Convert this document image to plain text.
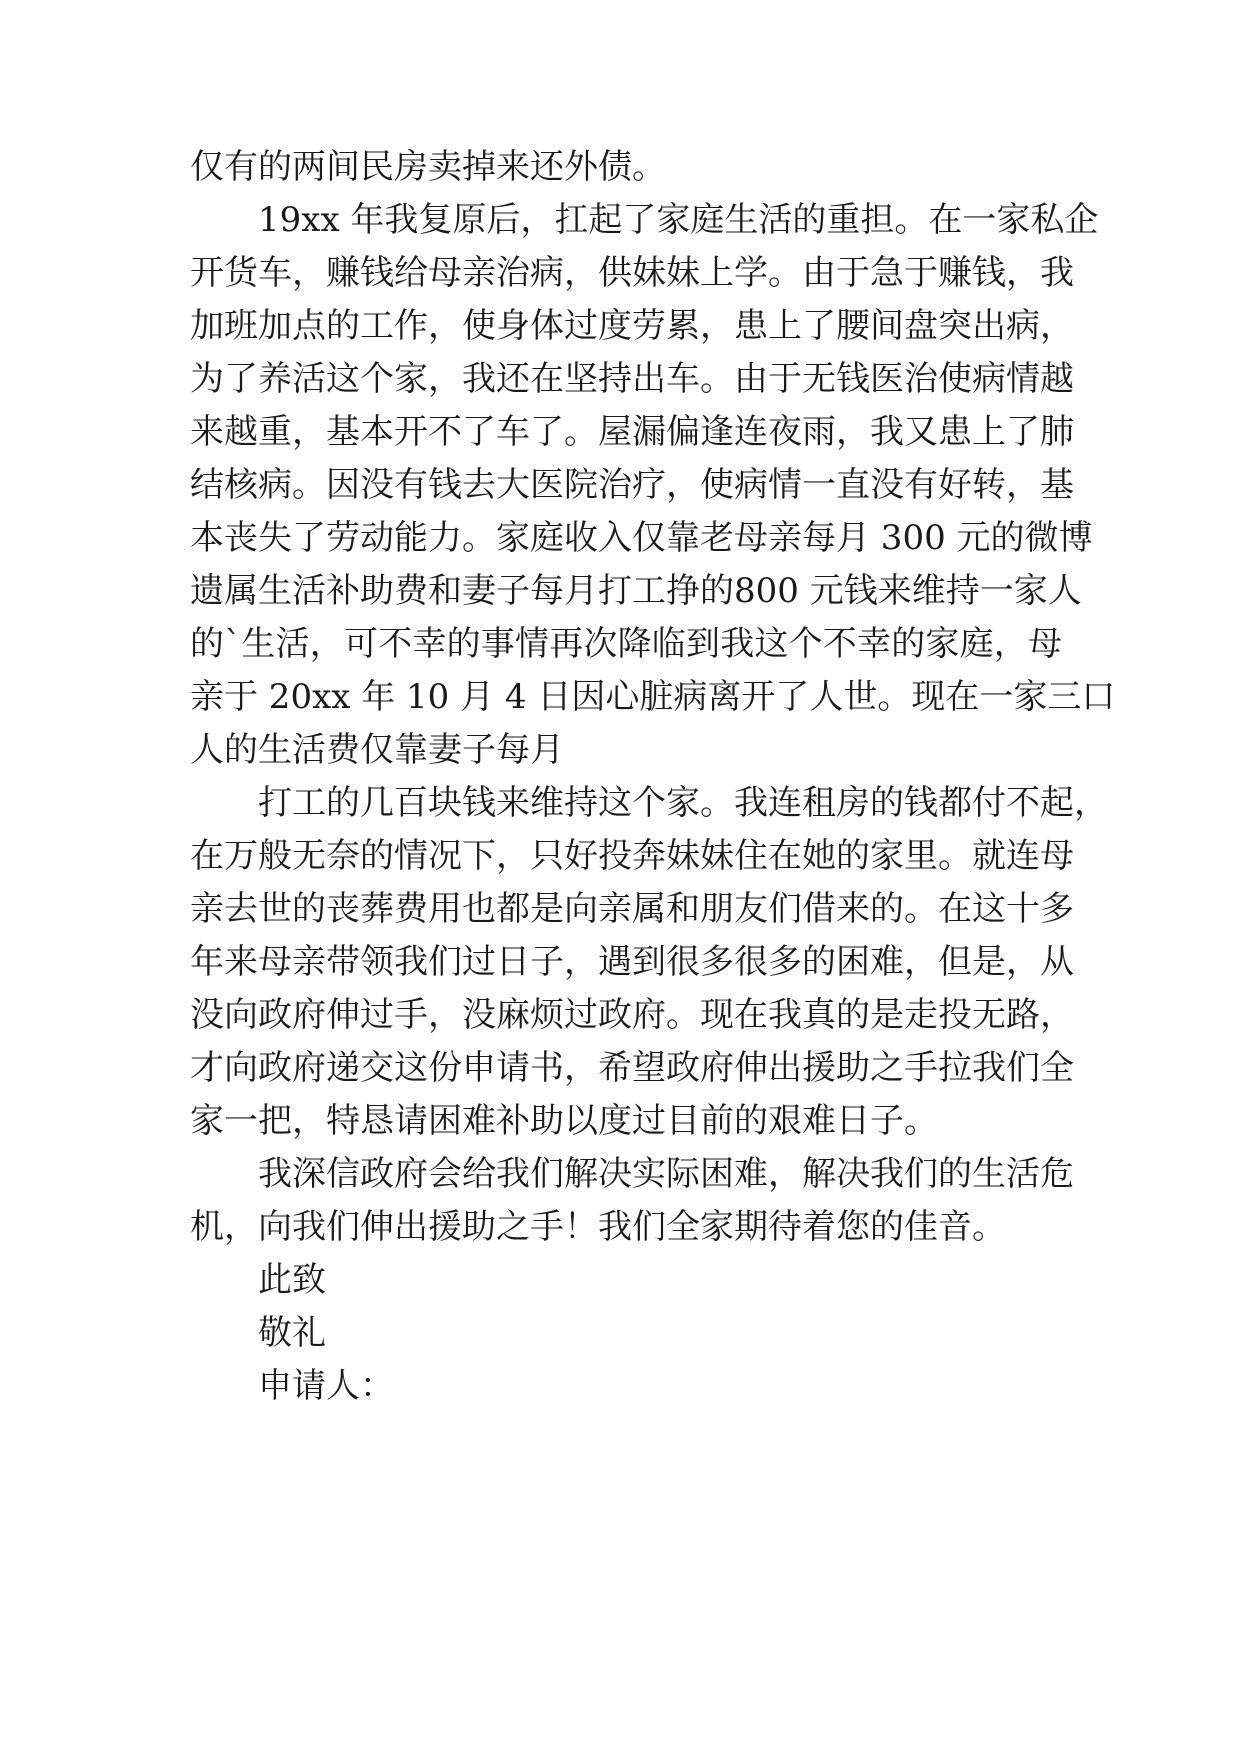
仅有的两间民房卖掉来还外债。
19xx 年我复原后，扛起了家庭生活的重担。在一家私企
开货车，赚钱给母亲治病，供妹妹上学。由于急于赚钱，我
加班加点的工作，使身体过度劳累，患上了腰间盘突出病，
为了养活这个家，我还在坚持出车。由于无钱医治使病情越
来越重，基本开不了车了。屋漏偏逢连夜雨，我又患上了肺
结核病。因没有钱去大医院治疗，使病情一直没有好转，基
本丧失了劳动能力。家庭收入仅靠老母亲每月 300 元的微博
遗属生活补助费和妻子每月打工挣的800 元钱来维持一家人
的`生活，可不幸的事情再次降临到我这个不幸的家庭，母
亲于 20xx 年 10 月 4 日因心脏病离开了人世。现在一家三口
人的生活费仅靠妻子每月
打工的几百块钱来维持这个家。我连租房的钱都付不起，
在万般无奈的情况下，只好投奔妹妹住在她的家里。就连母
亲去世的丧葬费用也都是向亲属和朋友们借来的。在这十多
年来母亲带领我们过日子，遇到很多很多的困难，但是，从
没向政府伸过手，没麻烦过政府。现在我真的是走投无路，
才向政府递交这份申请书，希望政府伸出援助之手拉我们全
家一把，特恳请困难补助以度过目前的艰难日子。
我深信政府会给我们解决实际困难，解决我们的生活危
机，向我们伸出援助之手！我们全家期待着您的佳音。
此致
敬礼
申请人：
